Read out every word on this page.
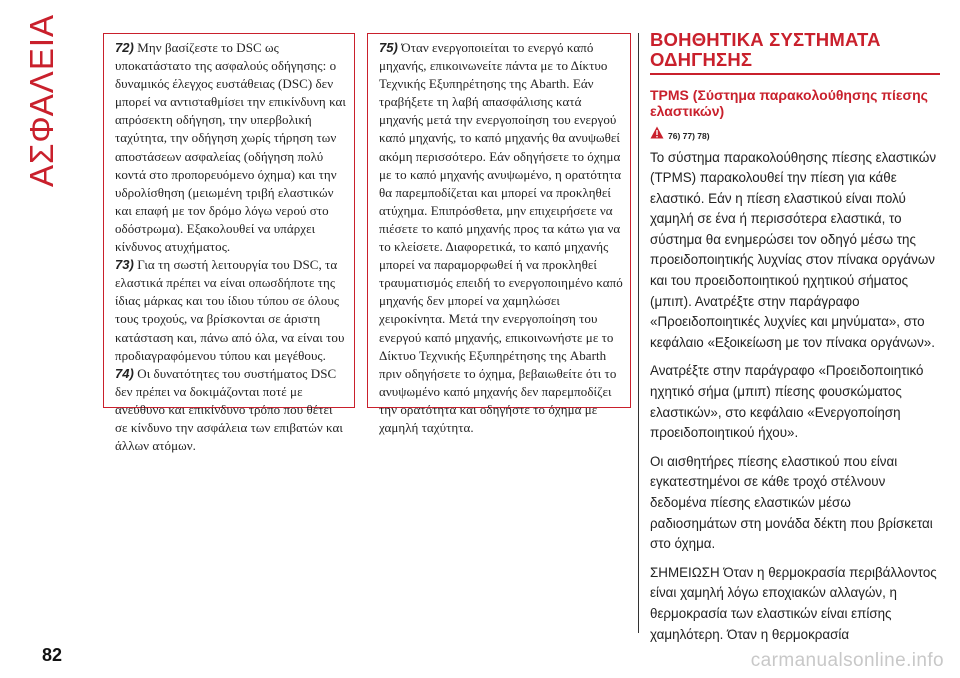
ΑΣΦΑΛΕΙΑ	72) Μην βασίζεστε το DSC ως υποκατάστατο της ασφαλούς οδήγησης: ο δυναμικός έλεγχος ευστάθειας (DSC) δεν μπορεί να αντισταθμίσει την επικίνδυνη και απρόσεκτη οδήγηση, την υπερβολική ταχύτητα, την οδήγηση χωρίς τήρηση των αποστάσεων ασφαλείας (οδήγηση πολύ κοντά στο προπορευόμενο όχημα) και την υδρολίσθηση (μειωμένη τριβή ελαστικών και επαφή με τον δρόμο λόγω νερού στο οδόστρωμα). Εξακολουθεί να υπάρχει κίνδυνος ατυχήματος.

73) Για τη σωστή λειτουργία του DSC, τα ελαστικά πρέπει να είναι οπωσδήποτε της ίδιας μάρκας και του ίδιου τύπου σε όλους τους τροχούς, να βρίσκονται σε άριστη κατάσταση και, πάνω από όλα, να είναι του προδιαγραφόμενου τύπου και μεγέθους.

74) Οι δυνατότητες του συστήματος DSC δεν πρέπει να δοκιμάζονται ποτέ με ανεύθυνο και επικίνδυνο τρόπο που θέτει σε κίνδυνο την ασφάλεια των επιβατών και άλλων ατόμων.

75) Όταν ενεργοποιείται το ενεργό καπό μηχανής, επικοινωνείτε πάντα με το Δίκτυο Τεχνικής Εξυπηρέτησης της Abarth. Εάν τραβήξετε τη λαβή απασφάλισης κατά μηχανής μετά την ενεργοποίηση του ενεργού καπό μηχανής, το καπό μηχανής θα ανυψωθεί ακόμη περισσότερο. Εάν οδηγήσετε το όχημα με το καπό μηχανής ανυψωμένο, η ορατότητα θα παρεμποδίζεται και μπορεί να προκληθεί ατύχημα. Επιπρόσθετα, μην επιχειρήσετε να πιέσετε το καπό μηχανής προς τα κάτω για να το κλείσετε. Διαφορετικά, το καπό μηχανής μπορεί να παραμορφωθεί ή να προκληθεί τραυματισμός επειδή το ενεργοποιημένο καπό μηχανής δεν μπορεί να χαμηλώσει χειροκίνητα. Μετά την ενεργοποίηση του ενεργού καπό μηχανής, επικοινωνήστε με το Δίκτυο Τεχνικής Εξυπηρέτησης της Abarth πριν οδηγήσετε το όχημα, βεβαιωθείτε ότι το ανυψωμένο καπό μηχανής δεν παρεμποδίζει την ορατότητα και οδηγήστε το όχημα με χαμηλή ταχύτητα.

ΒΟΗΘΗΤΙΚΑ ΣΥΣΤΗΜΑΤΑ ΟΔΗΓΗΣΗΣ
TPMS (Σύστημα παρακολούθησης πίεσης ελαστικών)
76) 77) 78)

Το σύστημα παρακολούθησης πίεσης ελαστικών (TPMS) παρακολουθεί την πίεση για κάθε ελαστικό. Εάν η πίεση ελαστικού είναι πολύ χαμηλή σε ένα ή περισσότερα ελαστικά, το σύστημα θα ενημερώσει τον οδηγό μέσω της προειδοποιητικής λυχνίας στον πίνακα οργάνων και του προειδοποιητικού ηχητικού σήματος (μπιπ). Ανατρέξτε στην παράγραφο «Προειδοποιητικές λυχνίες και μηνύματα», στο κεφάλαιο «Εξοικείωση με τον πίνακα οργάνων».

Ανατρέξτε στην παράγραφο «Προειδοποιητικό ηχητικό σήμα (μπιπ) πίεσης φουσκώματος ελαστικών», στο κεφάλαιο «Ενεργοποίηση προειδοποιητικού ήχου».

Οι αισθητήρες πίεσης ελαστικού που είναι εγκατεστημένοι σε κάθε τροχό στέλνουν δεδομένα πίεσης ελαστικών μέσω ραδιοσημάτων στη μονάδα δέκτη που βρίσκεται στο όχημα.

ΣΗΜΕΙΩΣΗ Όταν η θερμοκρασία περιβάλλοντος είναι χαμηλή λόγω εποχιακών αλλαγών, η θερμοκρασία των ελαστικών είναι επίσης χαμηλότερη. Όταν η θερμοκρασία

82	carmanualsonline.info
